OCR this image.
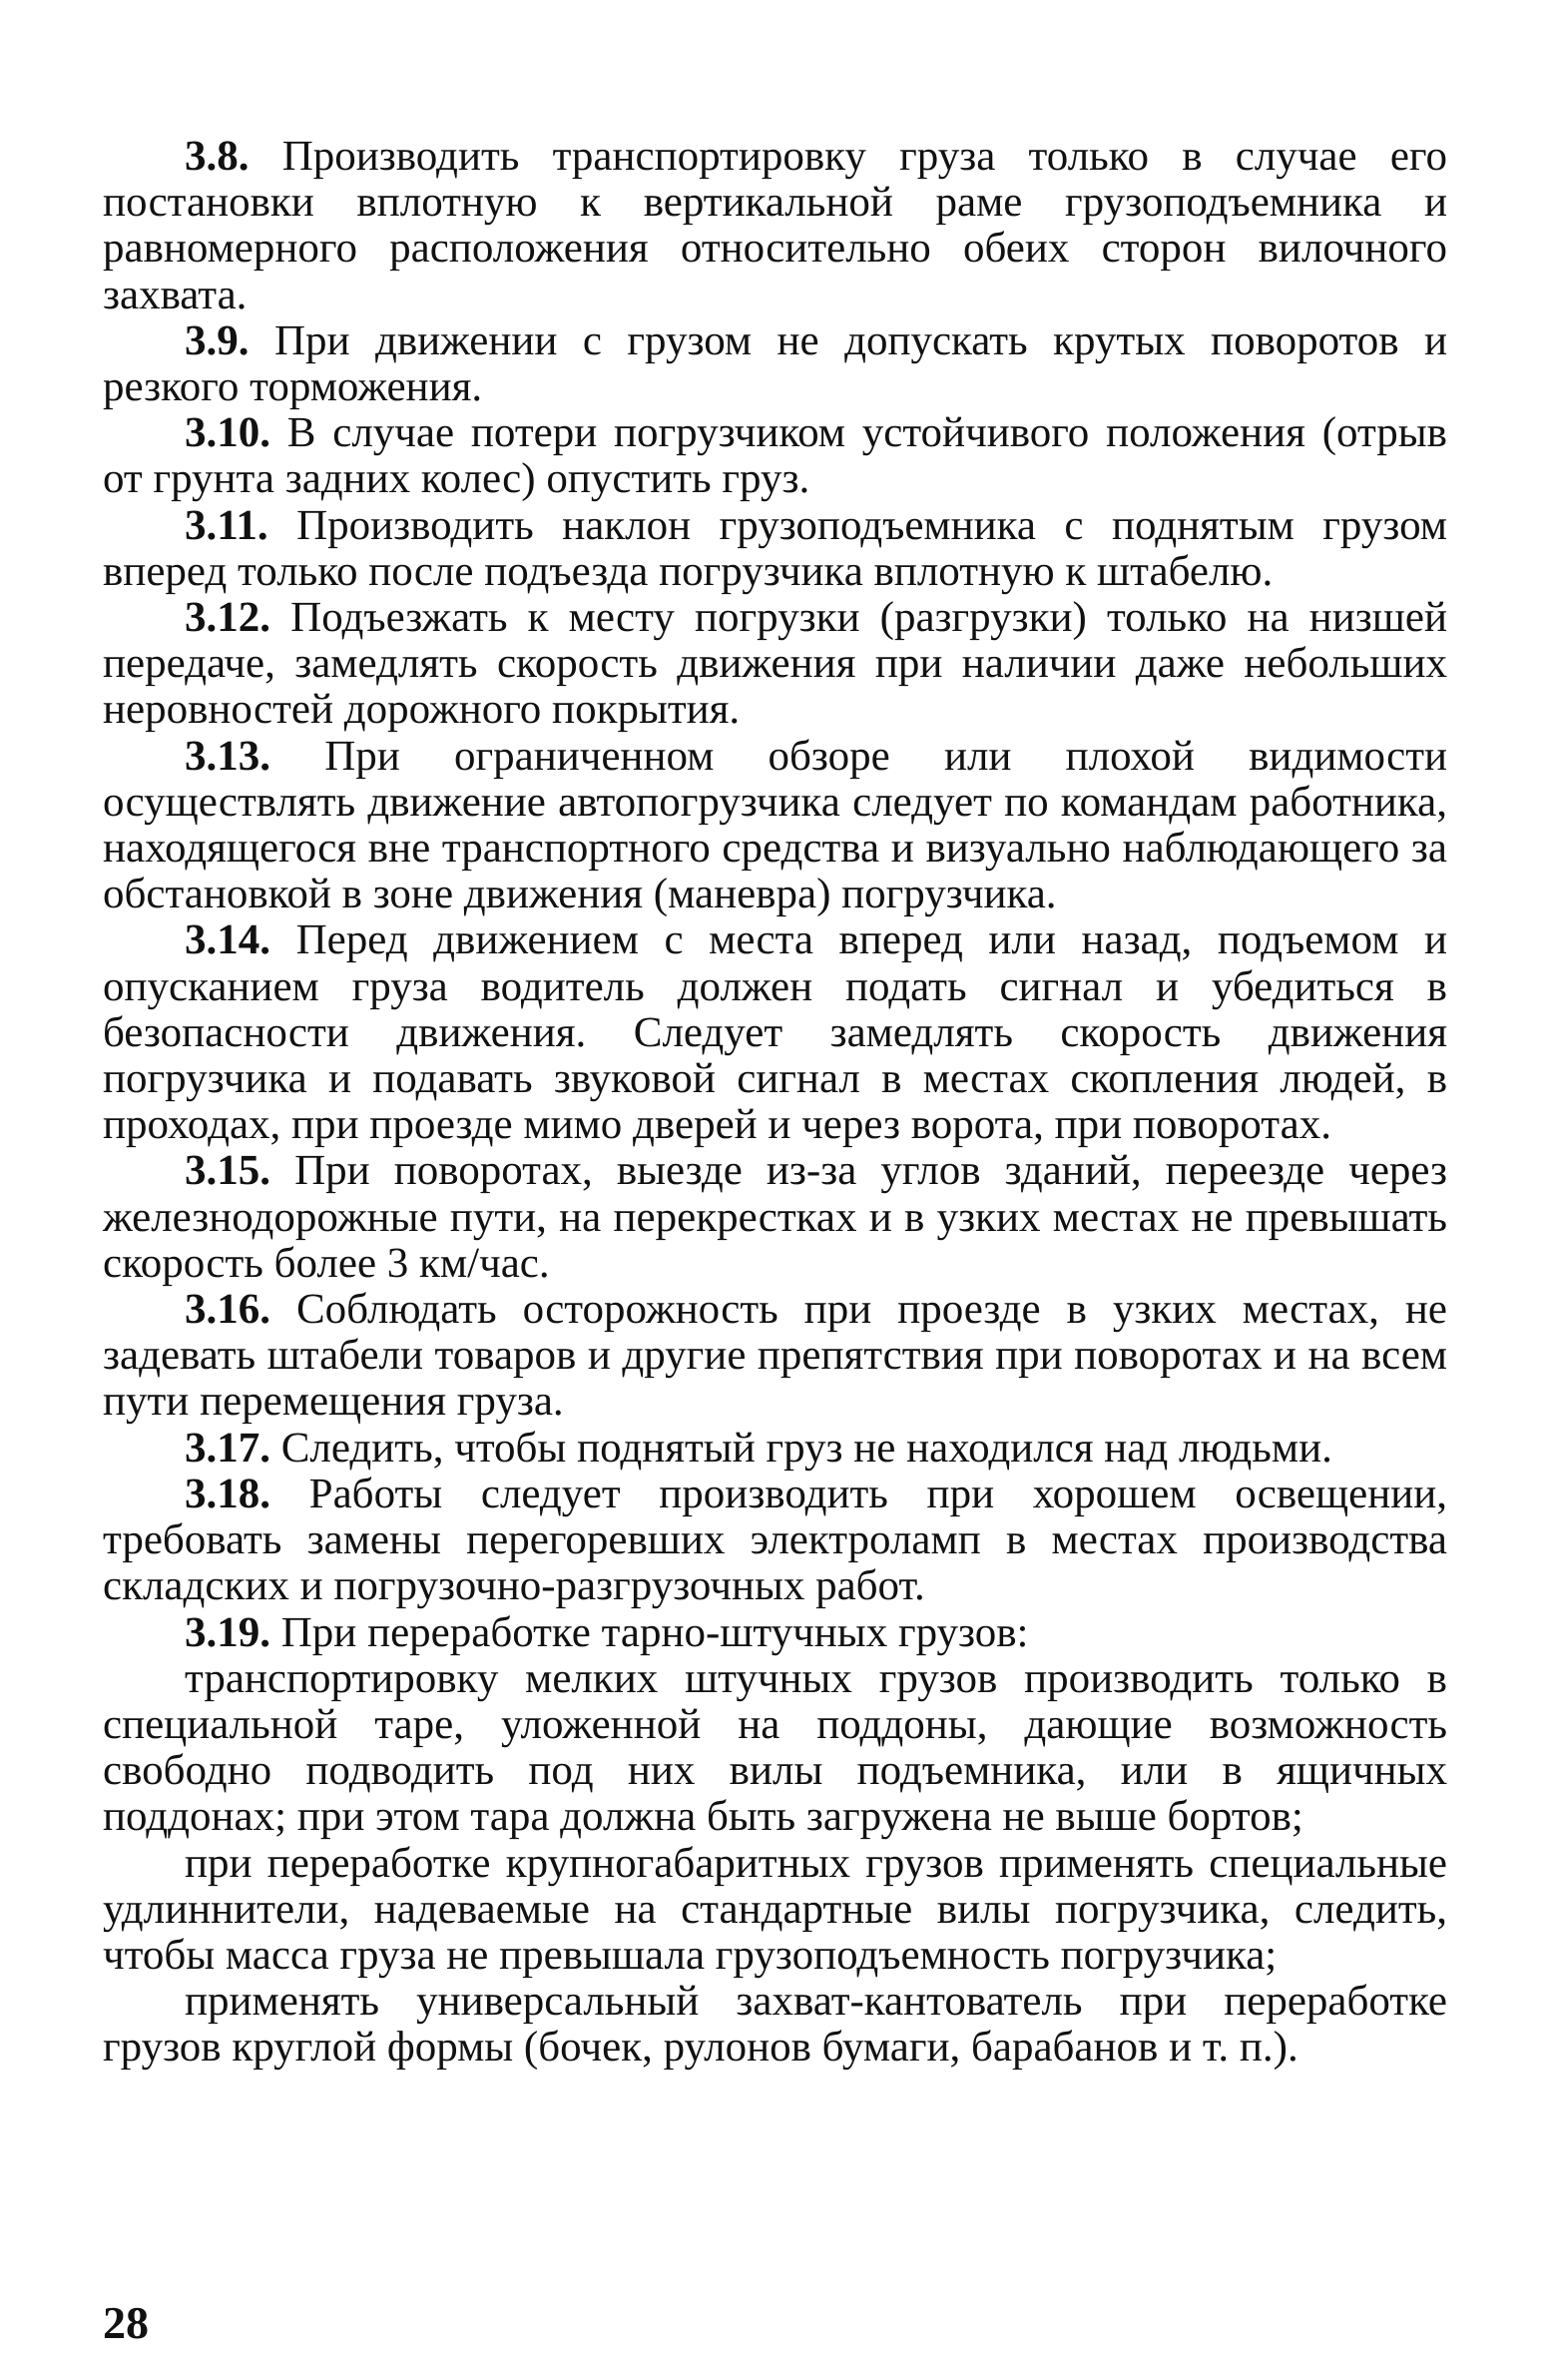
3.8. Производить транспортировку груза только в случае его постановки вплотную к вертикальной раме грузоподъемника и равномерного расположения относительно обеих сторон вилочного захвата.

3.9. При движении с грузом не допускать крутых поворотов и резкого торможения.

3.10. В случае потери погрузчиком устойчивого положения (отрыв от грунта задних колес) опустить груз.

3.11. Производить наклон грузоподъемника с поднятым грузом вперед только после подъезда погрузчика вплотную к штабелю.

3.12. Подъезжать к месту погрузки (разгрузки) только на низшей передаче, замедлять скорость движения при наличии даже небольших неровностей дорожного покрытия.

3.13. При ограниченном обзоре или плохой видимости осуществлять движение автопогрузчика следует по командам работника, находящегося вне транспортного средства и визуально наблюдающего за обстановкой в зоне движения (маневра) погрузчика.

3.14. Перед движением с места вперед или назад, подъемом и опусканием груза водитель должен подать сигнал и убедиться в безопасности движения. Следует замедлять скорость движения погрузчика и подавать звуковой сигнал в местах скопления людей, в проходах, при проезде мимо дверей и через ворота, при поворотах.

3.15. При поворотах, выезде из-за углов зданий, переезде через железнодорожные пути, на перекрестках и в узких местах не превышать скорость более 3 км/час.

3.16. Соблюдать осторожность при проезде в узких местах, не задевать штабели товаров и другие препятствия при поворотах и на всем пути перемещения груза.

3.17. Следить, чтобы поднятый груз не находился над людьми.

3.18. Работы следует производить при хорошем освещении, требовать замены перегоревших электроламп в местах производства складских и погрузочно-разгрузочных работ.

3.19. При переработке тарно-штучных грузов:

транспортировку мелких штучных грузов производить только в специальной таре, уложенной на поддоны, дающие возможность свободно подводить под них вилы подъемника, или в ящичных поддонах; при этом тара должна быть загружена не выше бортов;

при переработке крупногабаритных грузов применять специальные удлиннители, надеваемые на стандартные вилы погрузчика, следить, чтобы масса груза не превышала грузоподъемность погрузчика;

применять универсальный захват-кантователь при переработке грузов круглой формы (бочек, рулонов бумаги, барабанов и т. п.).

28
